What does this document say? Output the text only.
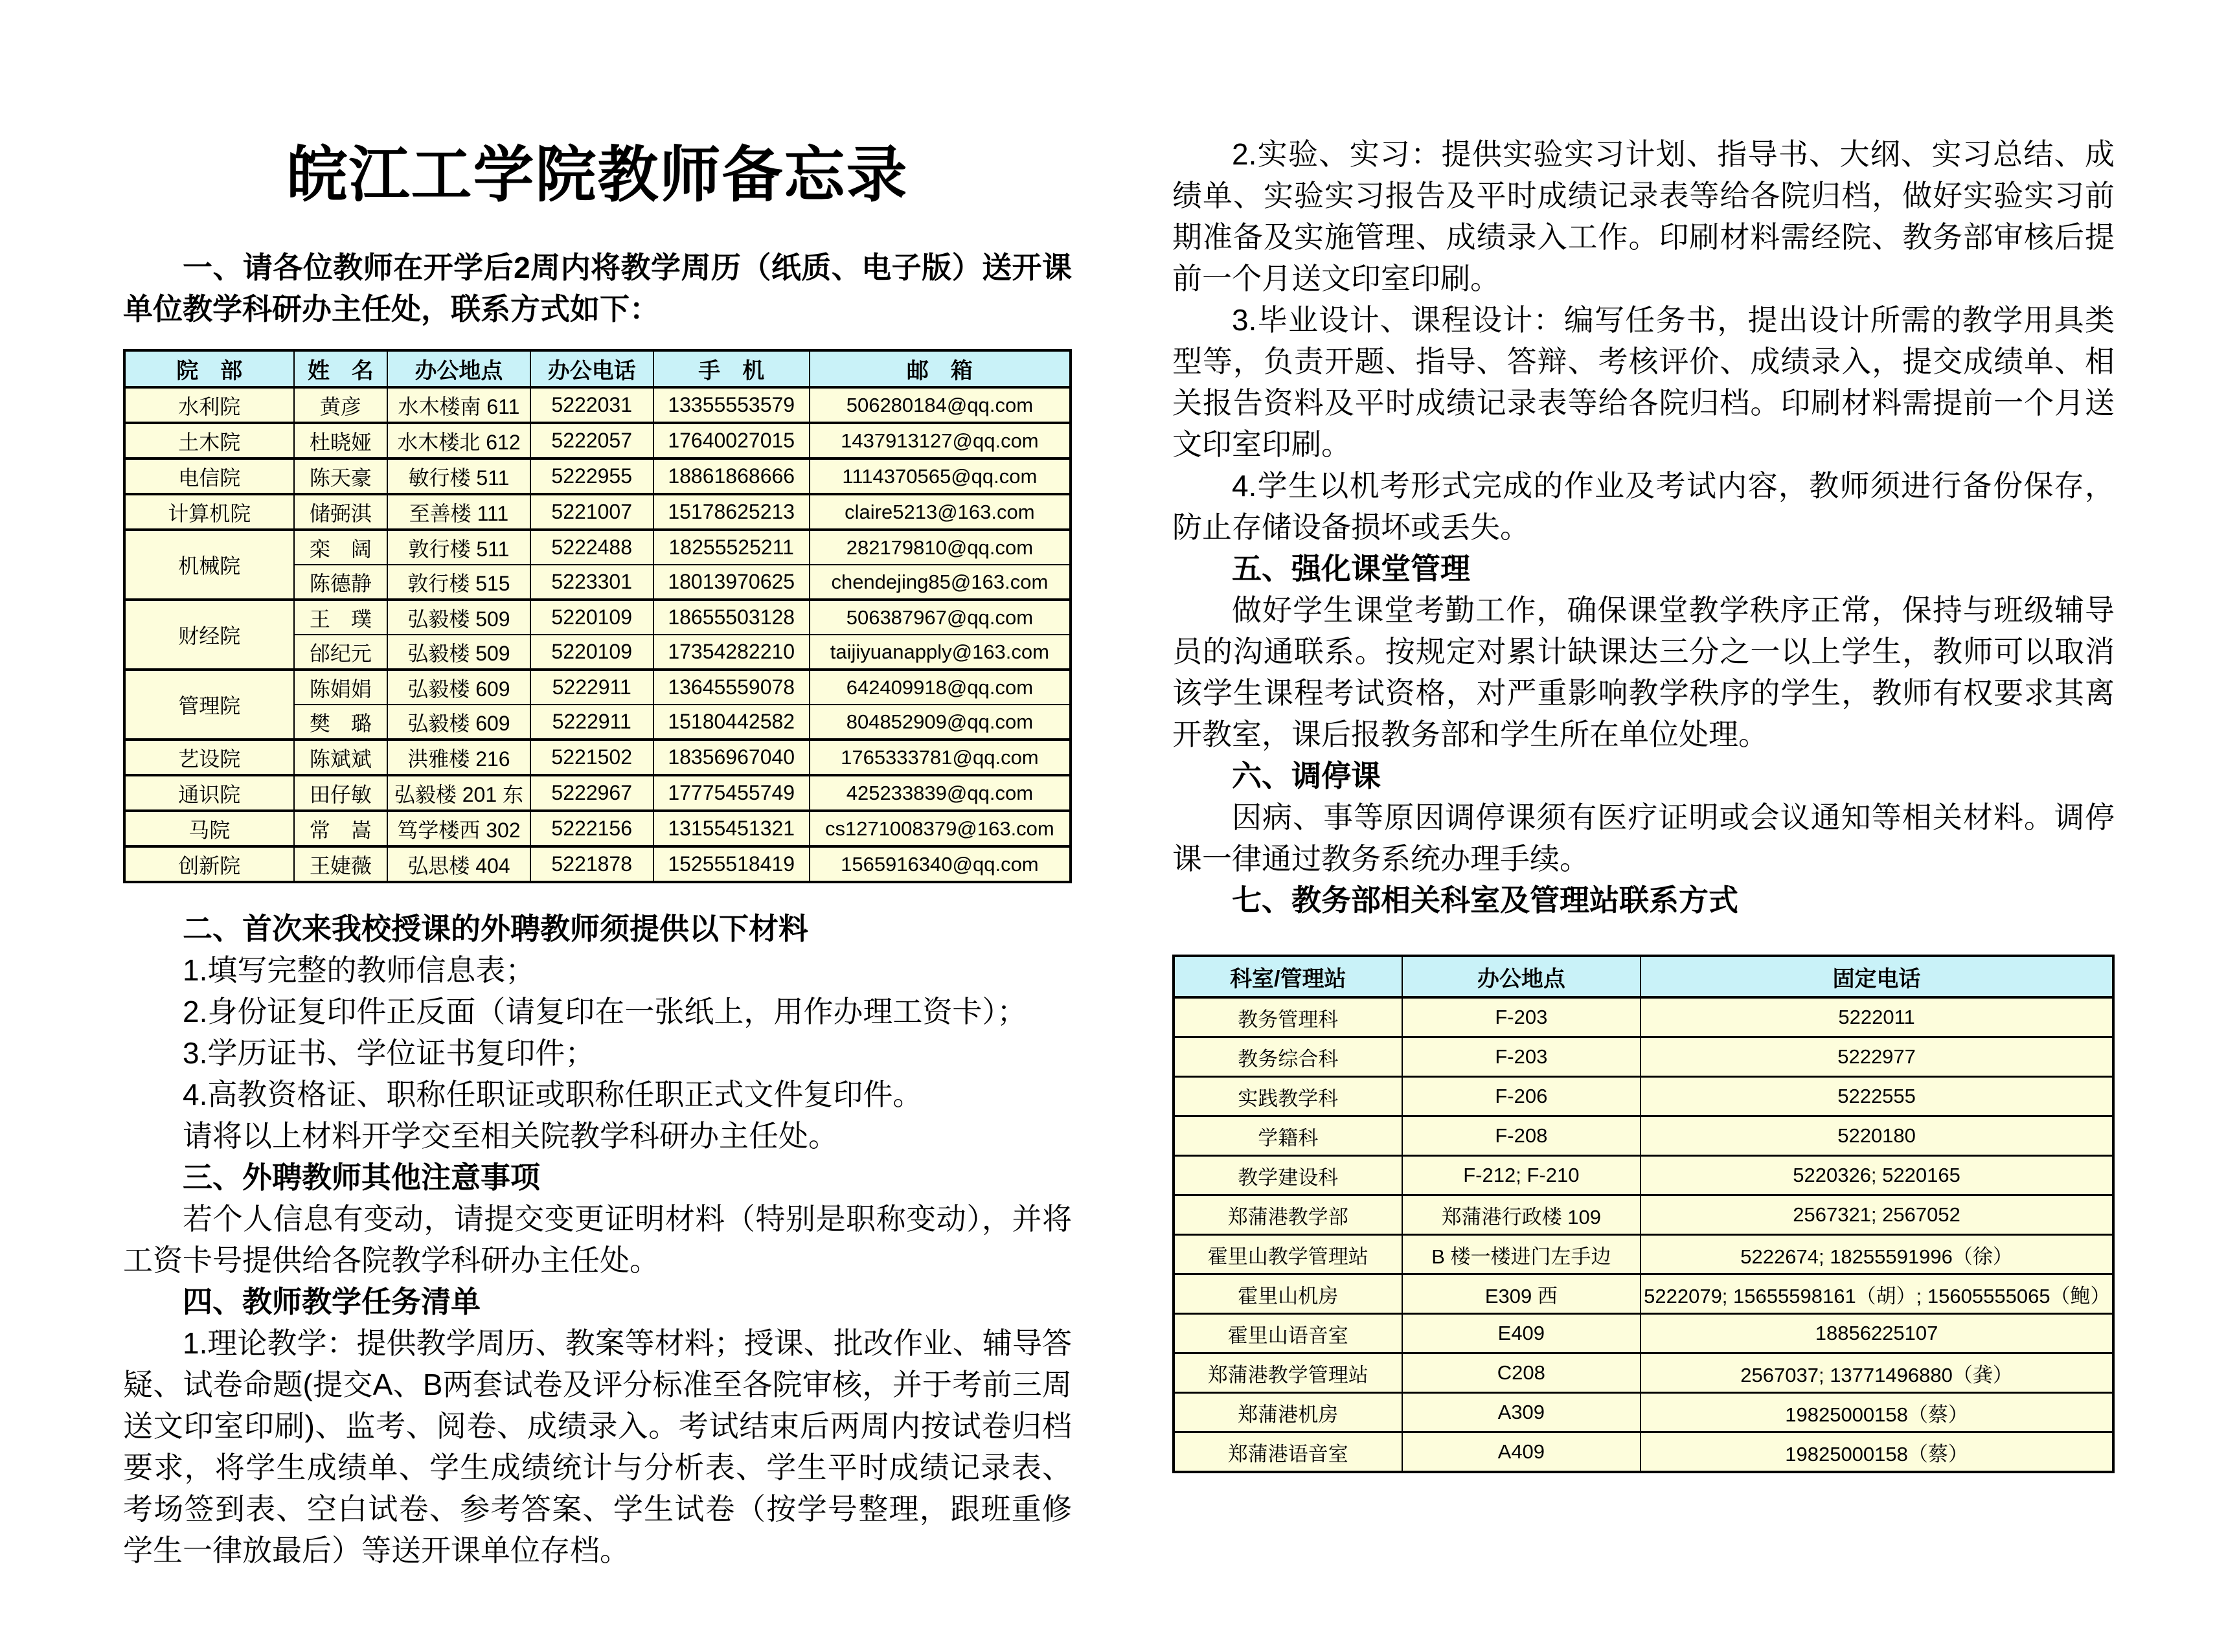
皖江工学院教师备忘录

一、请各位教师在开学后2周内将教学周历（纸质、电子版）送开课单位教学科研办主任处，联系方式如下：

院　部	姓　名	办公地点	办公电话	手　机	邮　箱
水利院	黄彦	水木楼南 611	5222031	13355553579	506280184@qq.com
土木院	杜晓娅	水木楼北 612	5222057	17640027015	1437913127@qq.com
电信院	陈天豪	敏行楼 511	5222955	18861868666	1114370565@qq.com
计算机院	储弼淇	至善楼 111	5221007	15178625213	claire5213@163.com
机械院	栾　阔	敦行楼 511	5222488	18255525211	282179810@qq.com
	陈德静	敦行楼 515	5223301	18013970625	chendejing85@163.com
财经院	王　璞	弘毅楼 509	5220109	18655503128	506387967@qq.com
	邰纪元	弘毅楼 509	5220109	17354282210	taijiyuanapply@163.com
管理院	陈娟娟	弘毅楼 609	5222911	13645559078	642409918@qq.com
	樊　璐	弘毅楼 609	5222911	15180442582	804852909@qq.com
艺设院	陈斌斌	洪雅楼 216	5221502	18356967040	1765333781@qq.com
通识院	田仔敏	弘毅楼 201 东	5222967	17775455749	425233839@qq.com
马院	常　嵩	笃学楼西 302	5222156	13155451321	cs1271008379@163.com
创新院	王婕薇	弘思楼 404	5221878	15255518419	1565916340@qq.com

二、首次来我校授课的外聘教师须提供以下材料

1.填写完整的教师信息表；

2.身份证复印件正反面（请复印在一张纸上，用作办理工资卡）；

3.学历证书、学位证书复印件；

4.高教资格证、职称任职证或职称任职正式文件复印件。

请将以上材料开学交至相关院教学科研办主任处。

三、外聘教师其他注意事项

若个人信息有变动，请提交变更证明材料（特别是职称变动），并将工资卡号提供给各院教学科研办主任处。

四、教师教学任务清单

1.理论教学：提供教学周历、教案等材料；授课、批改作业、辅导答疑、试卷命题(提交A、B两套试卷及评分标准至各院审核，并于考前三周送文印室印刷)、监考、阅卷、成绩录入。考试结束后两周内按试卷归档要求，将学生成绩单、学生成绩统计与分析表、学生平时成绩记录表、考场签到表、空白试卷、参考答案、学生试卷（按学号整理，跟班重修学生一律放最后）等送开课单位存档。

2.实验、实习：提供实验实习计划、指导书、大纲、实习总结、成绩单、实验实习报告及平时成绩记录表等给各院归档，做好实验实习前期准备及实施管理、成绩录入工作。印刷材料需经院、教务部审核后提前一个月送文印室印刷。

3.毕业设计、课程设计：编写任务书，提出设计所需的教学用具类型等，负责开题、指导、答辩、考核评价、成绩录入，提交成绩单、相关报告资料及平时成绩记录表等给各院归档。印刷材料需提前一个月送文印室印刷。

4.学生以机考形式完成的作业及考试内容，教师须进行备份保存，防止存储设备损坏或丢失。

五、强化课堂管理

做好学生课堂考勤工作，确保课堂教学秩序正常，保持与班级辅导员的沟通联系。按规定对累计缺课达三分之一以上学生，教师可以取消该学生课程考试资格，对严重影响教学秩序的学生，教师有权要求其离开教室，课后报教务部和学生所在单位处理。

六、调停课

因病、事等原因调停课须有医疗证明或会议通知等相关材料。调停课一律通过教务系统办理手续。

七、教务部相关科室及管理站联系方式

科室/管理站	办公地点	固定电话
教务管理科	F-203	5222011
教务综合科	F-203	5222977
实践教学科	F-206	5222555
学籍科	F-208	5220180
教学建设科	F-212; F-210	5220326; 5220165
郑蒲港教学部	郑蒲港行政楼 109	2567321; 2567052
霍里山教学管理站	B 楼一楼进门左手边	5222674; 18255591996（徐）
霍里山机房	E309 西	5222079; 15655598161（胡）; 15605555065（鲍）
霍里山语音室	E409	18856225107
郑蒲港教学管理站	C208	2567037; 13771496880（龚）
郑蒲港机房	A309	19825000158（蔡）
郑蒲港语音室	A409	19825000158（蔡）
